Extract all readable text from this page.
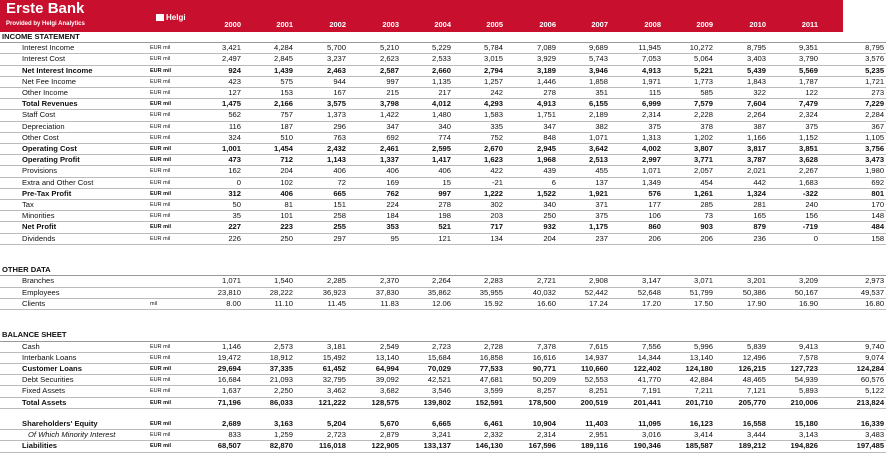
Erste Bank
Provided by Helgi Analytics
Helgi
2000	2001	2002	2003	2004	2005	2006	2007	2008	2009	2010	2011	2012
INCOME STATEMENT														
Interest Income	EUR mil	3,421	4,284	5,700	5,210	5,229	5,784	7,089	9,689	11,945	10,272	8,795	9,351	8,795
Interest Cost	EUR mil	2,497	2,845	3,237	2,623	2,533	3,015	3,929	5,743	7,053	5,064	3,403	3,790	3,576
Net Interest Income	EUR mil	924	1,439	2,463	2,587	2,660	2,794	3,189	3,946	4,913	5,221	5,439	5,569	5,235
Net Fee Income	EUR mil	423	575	944	997	1,135	1,257	1,446	1,858	1,971	1,773	1,843	1,787	1,721
Other Income	EUR mil	127	153	167	215	217	242	278	351	115	585	322	122	273
Total Revenues	EUR mil	1,475	2,166	3,575	3,798	4,012	4,293	4,913	6,155	6,999	7,579	7,604	7,479	7,229
Staff Cost	EUR mil	562	757	1,373	1,422	1,480	1,583	1,751	2,189	2,314	2,228	2,264	2,324	2,284
Depreciation	EUR mil	116	187	296	347	340	335	347	382	375	378	387	375	367
Other Cost	EUR mil	324	510	763	692	774	752	848	1,071	1,313	1,202	1,166	1,152	1,105
Operating Cost	EUR mil	1,001	1,454	2,432	2,461	2,595	2,670	2,945	3,642	4,002	3,807	3,817	3,851	3,756
Operating Profit	EUR mil	473	712	1,143	1,337	1,417	1,623	1,968	2,513	2,997	3,771	3,787	3,628	3,473
Provisions	EUR mil	162	204	406	406	406	422	439	455	1,071	2,057	2,021	2,267	1,980
Extra and Other Cost	EUR mil	0	102	72	169	15	-21	6	137	1,349	454	442	1,683	692
Pre-Tax Profit	EUR mil	312	406	665	762	997	1,222	1,522	1,921	576	1,261	1,324	-322	801
Tax	EUR mil	50	81	151	224	278	302	340	371	177	285	281	240	170
Minorities	EUR mil	35	101	258	184	198	203	250	375	106	73	165	156	148
Net Profit	EUR mil	227	223	255	353	521	717	932	1,175	860	903	879	-719	484
Dividends	EUR mil	226	250	297	95	121	134	204	237	206	206	236	0	158

OTHER DATA														
Branches		1,071	1,540	2,285	2,370	2,264	2,283	2,721	2,908	3,147	3,071	3,201	3,209	2,973
Employees		23,810	28,222	36,923	37,830	35,862	35,955	40,032	52,442	52,648	51,799	50,386	50,167	49,537
Clients	mil	8.00	11.10	11.45	11.83	12.06	15.92	16.60	17.24	17.20	17.50	17.90	16.90	16.80

BALANCE SHEET														
Cash	EUR mil	1,146	2,573	3,181	2,549	2,723	2,728	7,378	7,615	7,556	5,996	5,839	9,413	9,740
Interbank Loans	EUR mil	19,472	18,912	15,492	13,140	15,684	16,858	16,616	14,937	14,344	13,140	12,496	7,578	9,074
Customer Loans	EUR mil	29,694	37,335	61,452	64,994	70,029	77,533	90,771	110,660	122,402	124,180	126,215	127,723	124,284
Debt Securities	EUR mil	16,684	21,093	32,795	39,092	42,521	47,681	50,209	52,553	41,770	42,884	48,465	54,939	60,576
Fixed Assets	EUR mil	1,637	2,250	3,462	3,682	3,546	3,599	8,257	8,251	7,191	7,211	7,121	5,893	5,122
Total Assets	EUR mil	71,196	86,033	121,222	128,575	139,802	152,591	178,500	200,519	201,441	201,710	205,770	210,006	213,824

Shareholders' Equity	EUR mil	2,689	3,163	5,204	5,670	6,665	6,461	10,904	11,403	11,095	16,123	16,558	15,180	16,339
Of Which Minority Interest	EUR mil	833	1,259	2,723	2,879	3,241	2,332	2,314	2,951	3,016	3,414	3,444	3,143	3,483
Liabilities	EUR mil	68,507	82,870	116,018	122,905	133,137	146,130	167,596	189,116	190,346	185,587	189,212	194,826	197,485
